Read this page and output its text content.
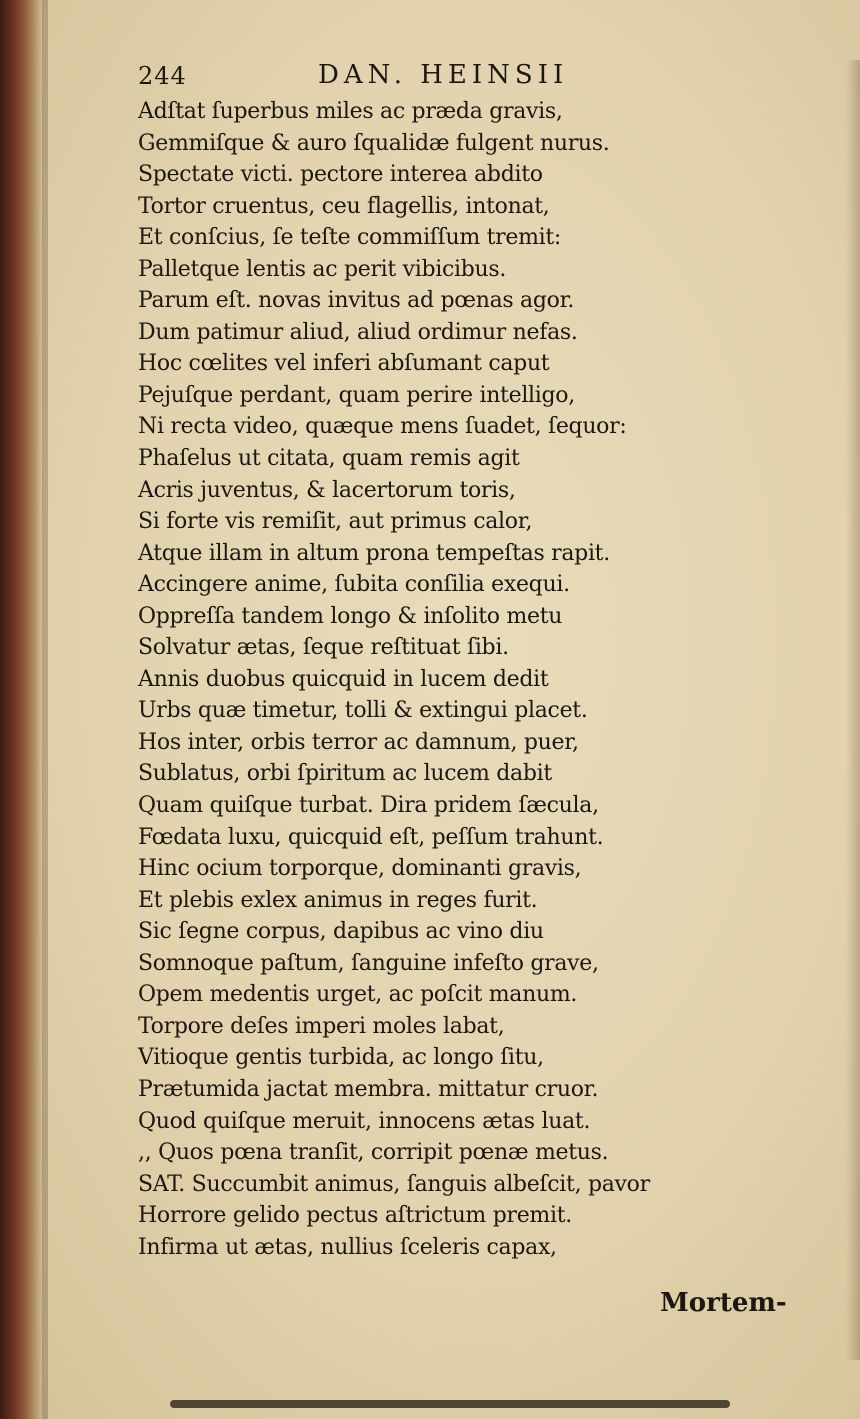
244	DAN. HEINSII
Adſtat ſuperbus miles ac præda gravis,
Gemmiſque & auro ſqualidæ fulgent nurus.
Spectate victi. pectore interea abdito
Tortor cruentus, ceu flagellis, intonat,
Et conſcius, ſe teſte commiſſum tremit:
Palletque lentis ac perit vibicibus.
Parum eſt. novas invitus ad pœnas agor.
Dum patimur aliud, aliud ordimur nefas.
Hoc cœlites vel inferi abſumant caput
Pejuſque perdant, quam perire intelligo,
Ni recta video, quæque mens ſuadet, ſequor:
Phaſelus ut citata, quam remis agit
Acris juventus, & lacertorum toris,
Si forte vis remiſit, aut primus calor,
Atque illam in altum prona tempeſtas rapit.
Accingere anime, ſubita conſilia exequi.
Oppreſſa tandem longo & inſolito metu
Solvatur ætas, ſeque reſtituat ſibi.
Annis duobus quicquid in lucem dedit
Urbs quæ timetur, tolli & extingui placet.
Hos inter, orbis terror ac damnum, puer,
Sublatus, orbi ſpiritum ac lucem dabit
Quam quiſque turbat. Dira pridem ſæcula,
Fœdata luxu, quicquid eſt, peſſum trahunt.
Hinc ocium torporque, dominanti gravis,
Et plebis exlex animus in reges furit.
Sic ſegne corpus, dapibus ac vino diu
Somnoque paſtum, ſanguine infeſto grave,
Opem medentis urget, ac poſcit manum.
Torpore deſes imperi moles labat,
Vitioque gentis turbida, ac longo ſitu,
Prætumida jactat membra. mittatur cruor.
Quod quiſque meruit, innocens ætas luat.
,, Quos pœna tranſit, corripit pœnæ metus.
SAT. Succumbit animus, ſanguis albeſcit, pavor
Horrore gelido pectus aſtrictum premit.
Infirma ut ætas, nullius ſceleris capax,
Mortem-
